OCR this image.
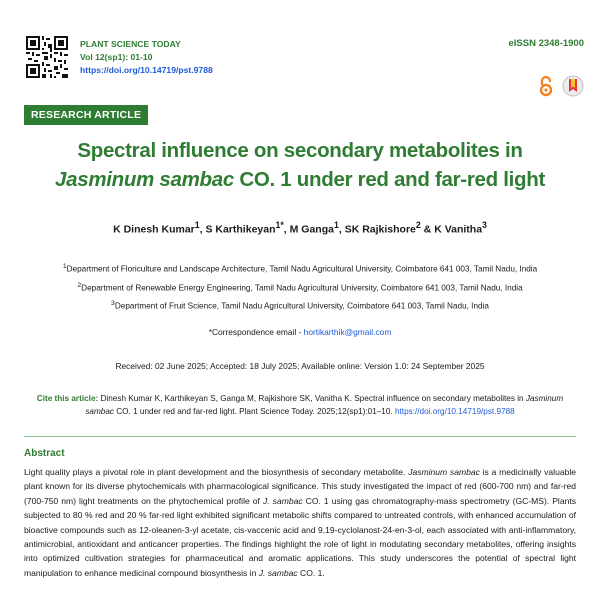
PLANT SCIENCE TODAY
Vol 12(sp1): 01-10
https://doi.org/10.14719/pst.9788
eISSN 2348-1900
RESEARCH ARTICLE
Spectral influence on secondary metabolites in Jasminum sambac CO. 1 under red and far-red light
K Dinesh Kumar$^1$, S Karthikeyan$^{1*}$, M Ganga$^1$, SK Rajkishore$^2$ & K Vanitha$^3$
$^1$Department of Floriculture and Landscape Architecture, Tamil Nadu Agricultural University, Coimbatore 641 003, Tamil Nadu, India
$^2$Department of Renewable Energy Engineering, Tamil Nadu Agricultural University, Coimbatore 641 003, Tamil Nadu, India
$^3$Department of Fruit Science, Tamil Nadu Agricultural University, Coimbatore 641 003, Tamil Nadu, India
*Correspondence email - hortikarthik@gmail.com
Received: 02 June 2025; Accepted: 18 July 2025; Available online: Version 1.0: 24 September 2025
Cite this article: Dinesh Kumar K, Karthikeyan S, Ganga M, Rajkishore SK, Vanitha K. Spectral influence on secondary metabolites in Jasminum sambac CO. 1 under red and far-red light. Plant Science Today. 2025;12(sp1):01–10. https://doi.org/10.14719/pst.9788
Abstract
Light quality plays a pivotal role in plant development and the biosynthesis of secondary metabolite. Jasminum sambac is a medicinally valuable plant known for its diverse phytochemicals with pharmacological significance. This study investigated the impact of red (600-700 nm) and far-red (700-750 nm) light treatments on the phytochemical profile of J. sambac CO. 1 using gas chromatography-mass spectrometry (GC-MS). Plants subjected to 80 % red and 20 % far-red light exhibited significant metabolic shifts compared to untreated controls, with enhanced accumulation of bioactive compounds such as 12-oleanen-3-yl acetate, cis-vaccenic acid and 9,19-cyclolanost-24-en-3-ol, each associated with anti-inflammatory, antimicrobial, antioxidant and anticancer properties. The findings highlight the role of light in modulating secondary metabolites, offering insights into optimized cultivation strategies for pharmaceutical and aromatic applications. This study underscores the potential of spectral light manipulation to enhance medicinal compound biosynthesis in J. sambac CO. 1.
